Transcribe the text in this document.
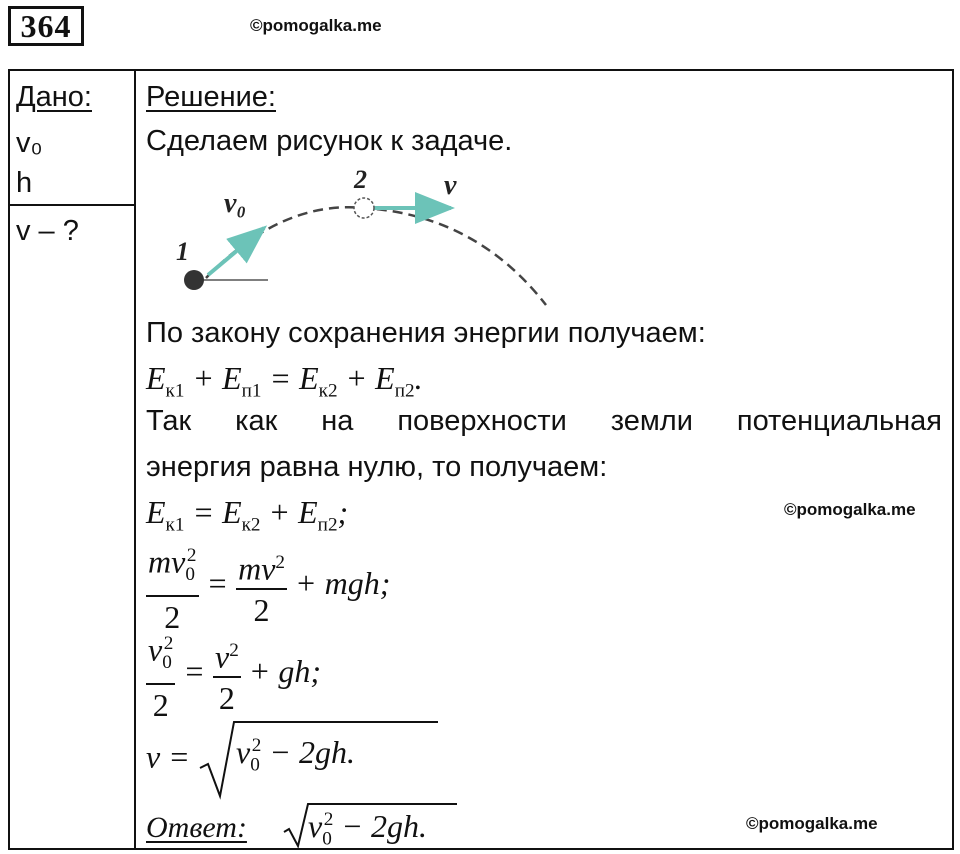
364	©pomogalka.me
Дано:
v₀
h
v – ?
Решение:
Сделаем рисунок к задаче.
1
2
v₀
v
По закону сохранения энергии получаем:
$E_{к1} + E_{п1} = E_{к2} + E_{п2}$.
Так как на поверхности земли потенциальная
энергия равна нулю, то получаем:
$E_{к1} = E_{к2} + E_{п2}$;	©pomogalka.me
$\frac{mv_0^2}{2} = \frac{mv^2}{2}$ + mgh;
$\frac{v_0^2}{2} = \frac{v^2}{2}$ + gh;
v =	$v_0^2 - 2gh$.
Ответ: $v_0^2 - 2gh$.	©pomogalka.me
